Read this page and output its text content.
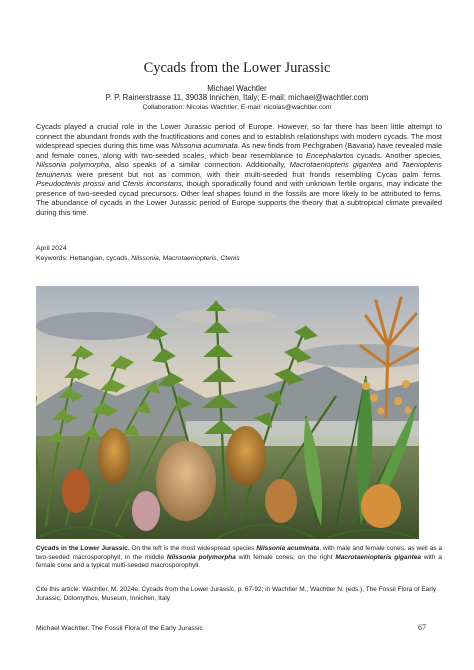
Cycads from the Lower Jurassic
Michael Wachtler
P. P. Rainerstrasse 11, 39038 Innichen, Italy; E-mail: michael@wachtler.com
Collaboration: Nicolas Wachtler; E-mail: nicolas@wachtler.com
Cycads played a crucial role in the Lower Jurassic period of Europe. However, so far there has been little attempt to connect the abundant fronds with the fructifications and cones and to establish relationships with modern cycads. The most widespread species during this time was Nilssonia acuminata. As new finds from Pechgraben (Bavaria) have revealed male and female cones, along with two-seeded scales, which bear resemblance to Encephalartos cycads. Another species, Nilssonia polymorpha, also speaks of a similar connection. Additionally, Macrotaeniopteris gigantea and Taeniopteris tenuinervis were present but not as common, with their multi-seeded fruit fronds resembling Cycas palm ferns. Pseudoctenis prossii and Ctenis inconstans, though sporadically found and with unknown fertile organs, may indicate the presence of two-seeded cycad precursors. Other leaf shapes found in the fossils are more likely to be attributed to ferns. The abundance of cycads in the Lower Jurassic period of Europe supports the theory that a subtropical climate prevailed during this time.
April 2024
Keywords: Hettangian, cycads, Nilssonia, Macrotaeniopteris, Ctenis
Cycads in the Lower Jurassic. On the left is the most widespread species Nilssonia acuminata, with male and female cones, as well as a two-seeded macrosporophyll; in the middle Nilssonia polymorpha with female cones; on the right Macrotaeniopteris gigantea with a female cone and a typical multi-seeded macrosporophyll.
Cite this article: Wachtler, M. 2024e. Cycads from the Lower Jurassic, p. 67-92; in Wachtler M., Wachtler N. (eds.), The Fossil Flora of Early Jurassic, Dolomythos, Museum, Innichen, Italy
Michael Wachtler. The Fossil Flora of the Early Jurassic	67
